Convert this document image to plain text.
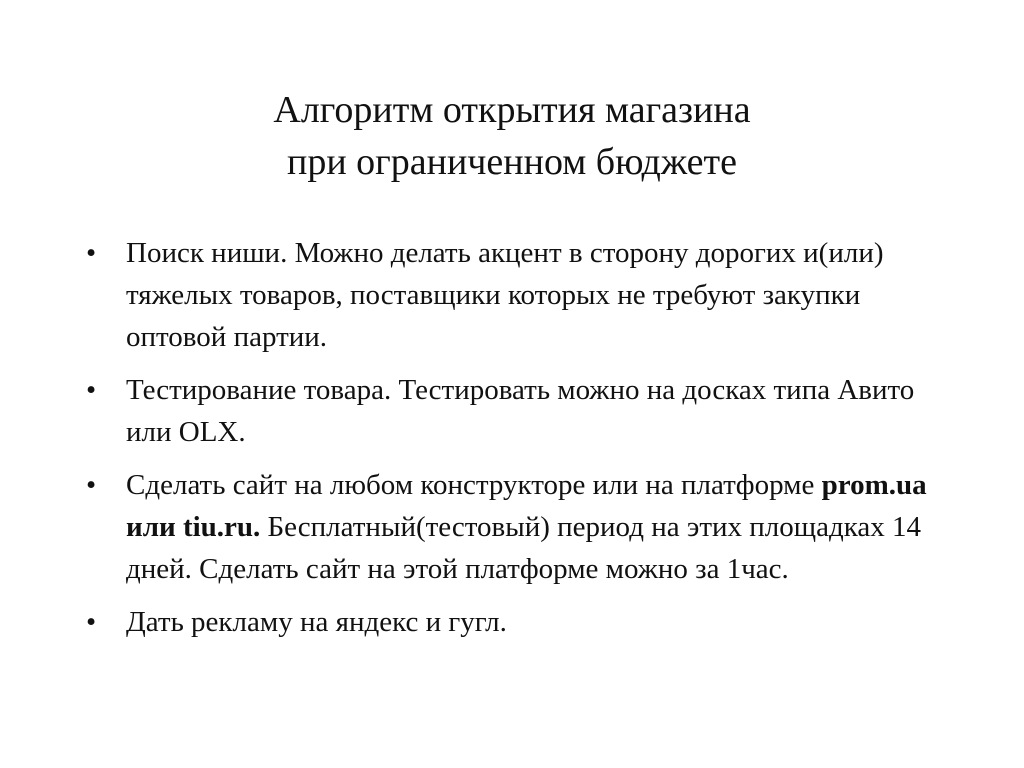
Алгоритм открытия магазина
при ограниченном бюджете
• Поиск ниши. Можно делать акцент в сторону дорогих и(или) тяжелых товаров, поставщики которых не требуют закупки оптовой партии.
• Тестирование товара. Тестировать можно на досках типа Авито или OLX.
• Сделать сайт на любом конструкторе или на платформе prom.ua или tiu.ru. Бесплатный(тестовый) период на этих площадках 14 дней. Сделать сайт на этой платформе можно за 1час.
• Дать рекламу на яндекс и гугл.
